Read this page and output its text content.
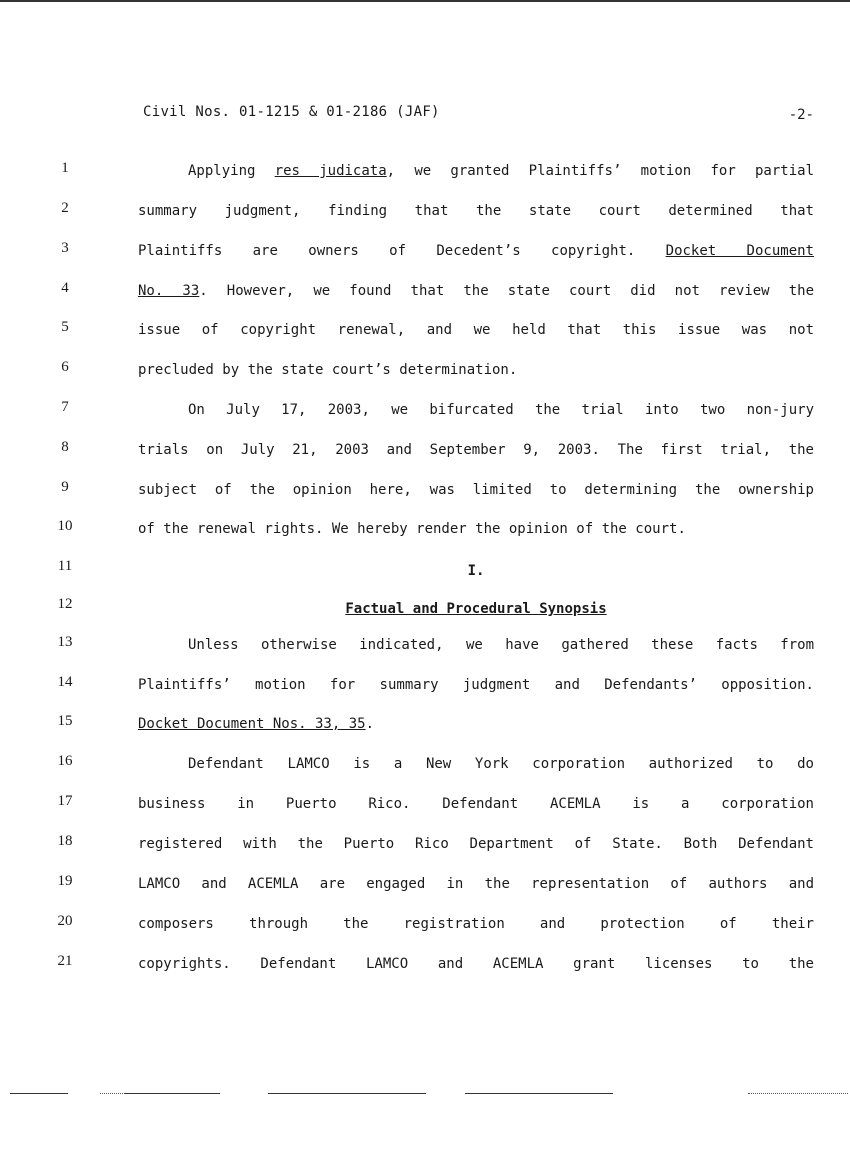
Civil Nos. 01-1215 & 01-2186 (JAF)	-2-
1
2
3
4
5
6
7
8
9
10
11
12
13
14
15
16
17
18
19
20
21
Applying res judicata, we granted Plaintiffs’ motion for partial
summary judgment, finding that the state court determined that
Plaintiffs are owners of Decedent’s copyright. Docket Document
No. 33. However, we found that the state court did not review the
issue of copyright renewal, and we held that this issue was not
precluded by the state court’s determination.
On July 17, 2003, we bifurcated the trial into two non-jury
trials on July 21, 2003 and September 9, 2003. The first trial, the
subject of the opinion here, was limited to determining the ownership
of the renewal rights. We hereby render the opinion of the court.
I.
Factual and Procedural Synopsis
Unless otherwise indicated, we have gathered these facts from
Plaintiffs’ motion for summary judgment and Defendants’ opposition.
Docket Document Nos. 33, 35.
Defendant LAMCO is a New York corporation authorized to do
business in Puerto Rico. Defendant ACEMLA is a corporation
registered with the Puerto Rico Department of State. Both Defendant
LAMCO and ACEMLA are engaged in the representation of authors and
composers through the registration and protection of their
copyrights. Defendant LAMCO and ACEMLA grant licenses to the
